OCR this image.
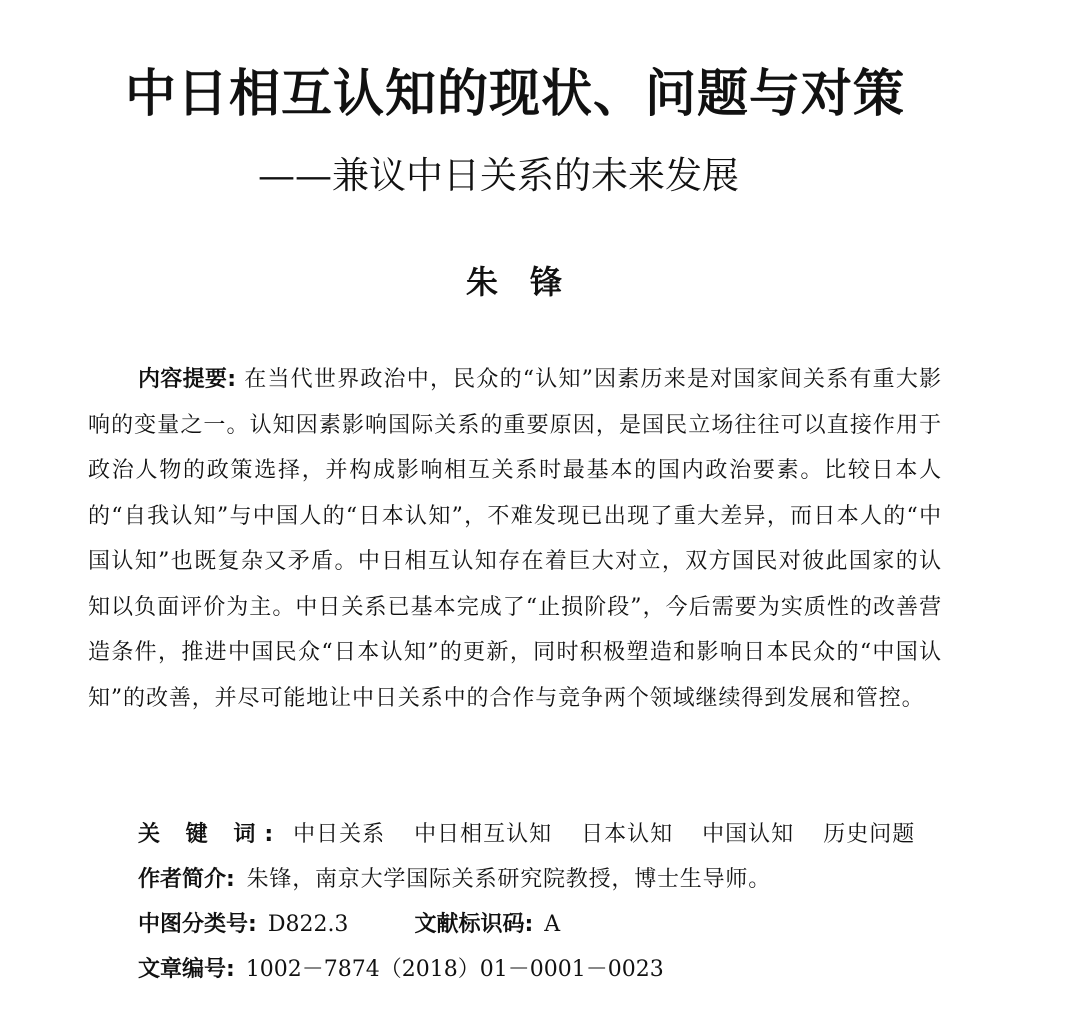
中日相互认知的现状、问题与对策
——兼议中日关系的未来发展
朱锋

内容提要: 在当代世界政治中，民众的“认知”因素历来是对国家间关系有重大影响的变量之一。认知因素影响国际关系的重要原因，是国民立场往往可以直接作用于政治人物的政策选择，并构成影响相互关系时最基本的国内政治要素。比较日本人的“自我认知”与中国人的“日本认知”，不难发现已出现了重大差异，而日本人的“中国认知”也既复杂又矛盾。中日相互认知存在着巨大对立，双方国民对彼此国家的认知以负面评价为主。中日关系已基本完成了“止损阶段”，今后需要为实质性的改善营造条件，推进中国民众“日本认知”的更新，同时积极塑造和影响日本民众的“中国认知”的改善，并尽可能地让中日关系中的合作与竞争两个领域继续得到发展和管控。

关 键 词: 中日关系 中日相互认知 日本认知 中国认知 历史问题
作者简介: 朱锋，南京大学国际关系研究院教授，博士生导师。
中图分类号: D822.3	文献标识码: A
文章编号: 1002－7874（2018）01－0001－0023
